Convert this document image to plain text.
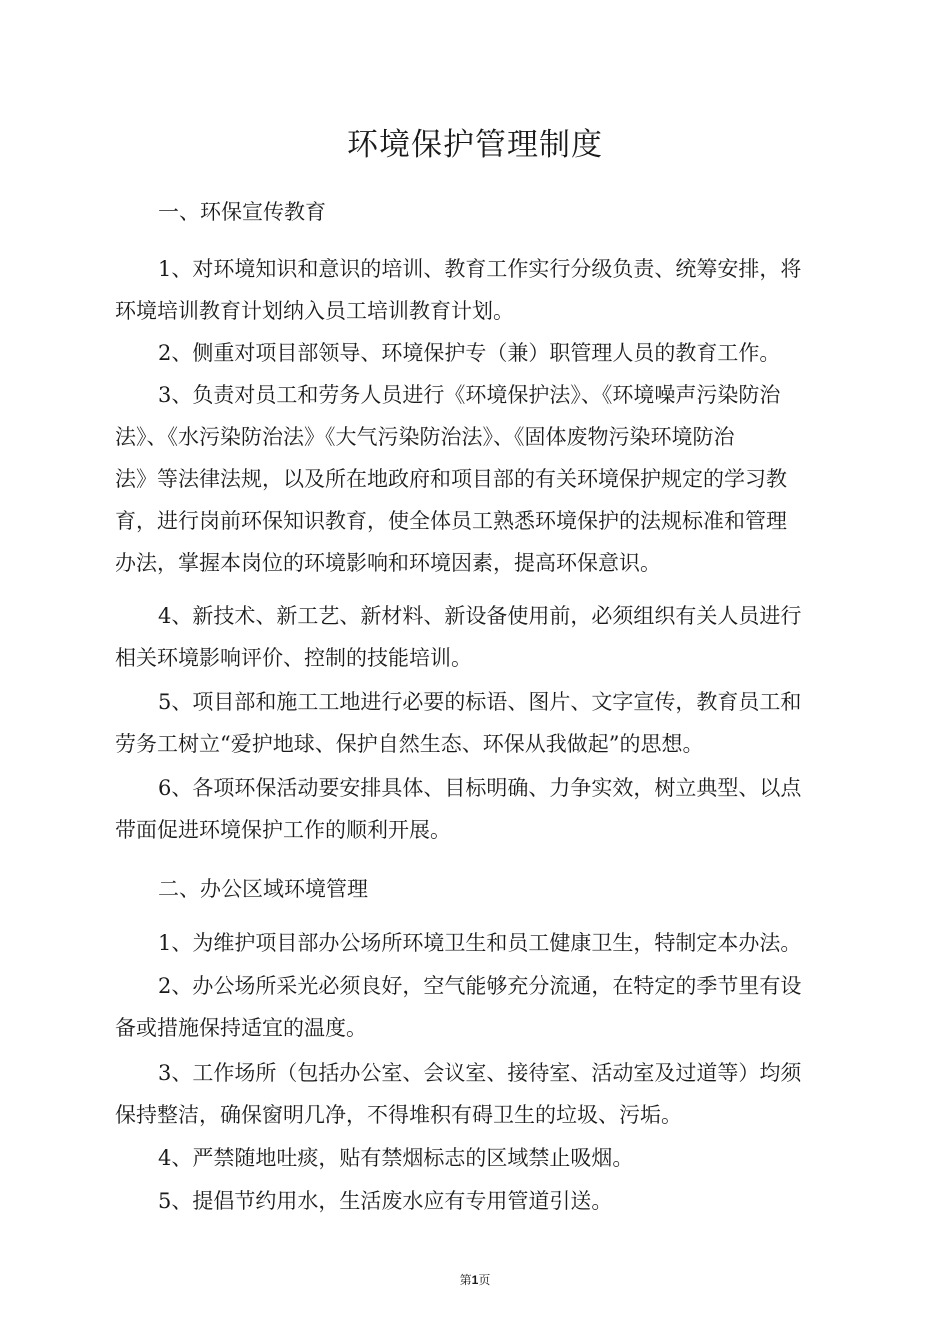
环境保护管理制度
一、环保宣传教育

1、对环境知识和意识的培训、教育工作实行分级负责、统筹安排，将
环境培训教育计划纳入员工培训教育计划。

2、侧重对项目部领导、环境保护专（兼）职管理人员的教育工作。

3、负责对员工和劳务人员进行《环境保护法》、《环境噪声污染防治
法》、《水污染防治法》《大气污染防治法》、《固体废物污染环境防治
法》等法律法规，以及所在地政府和项目部的有关环境保护规定的学习教
育，进行岗前环保知识教育，使全体员工熟悉环境保护的法规标准和管理
办法，掌握本岗位的环境影响和环境因素，提高环保意识。

4、新技术、新工艺、新材料、新设备使用前，必须组织有关人员进行
相关环境影响评价、控制的技能培训。

5、项目部和施工工地进行必要的标语、图片、文字宣传，教育员工和
劳务工树立“爱护地球、保护自然生态、环保从我做起”的思想。

6、各项环保活动要安排具体、目标明确、力争实效，树立典型、以点
带面促进环境保护工作的顺利开展。

二、办公区域环境管理

1、为维护项目部办公场所环境卫生和员工健康卫生，特制定本办法。

2、办公场所采光必须良好，空气能够充分流通，在特定的季节里有设
备或措施保持适宜的温度。

3、工作场所（包括办公室、会议室、接待室、活动室及过道等）均须
保持整洁，确保窗明几净，不得堆积有碍卫生的垃圾、污垢。

4、严禁随地吐痰，贴有禁烟标志的区域禁止吸烟。

5、提倡节约用水，生活废水应有专用管道引送。

第1页
